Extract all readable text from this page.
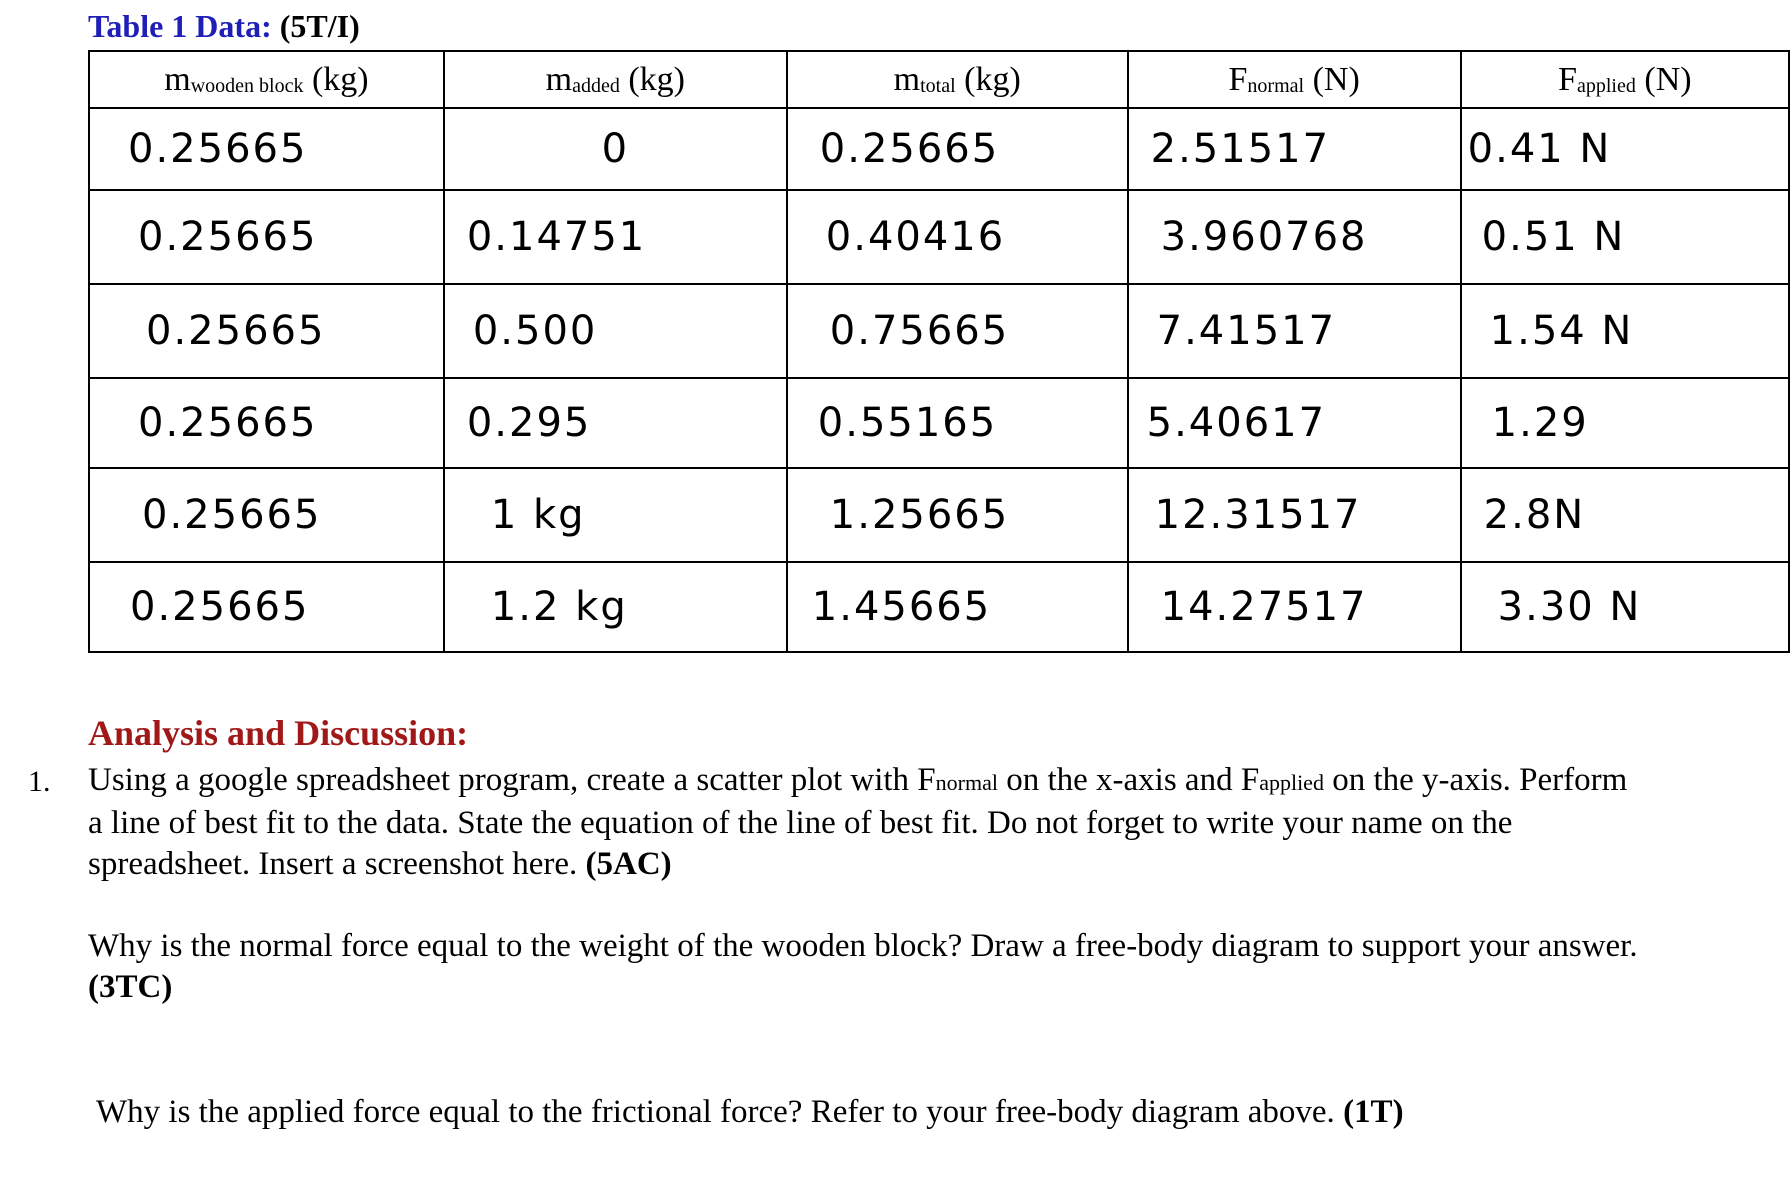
Table 1 Data: (5T/I)
$m_{wooden block}$ (kg)	$m_{added}$ (kg)	$m_{total}$ (kg)	$F_{normal}$ (N)	$F_{applied}$ (N)
0.25665	0	0.25665	2.51517	0.41 N
0.25665	0.14751	0.40416	3.960768	0.51 N
0.25665	0.500	0.75665	7.41517	1.54 N
0.25665	0.295	0.55165	5.40617	1.29
0.25665	1 kg	1.25665	12.31517	2.8N
0.25665	1.2 kg	1.45665	14.27517	3.30 N
Analysis and Discussion:
1. Using a google spreadsheet program, create a scatter plot with Fnormal on the x-axis and Fapplied on the y-axis. Perform a line of best fit to the data. State the equation of the line of best fit. Do not forget to write your name on the spreadsheet. Insert a screenshot here. (5AC)
Why is the normal force equal to the weight of the wooden block? Draw a free-body diagram to support your answer. (3TC)
Why is the applied force equal to the frictional force? Refer to your free-body diagram above. (1T)
